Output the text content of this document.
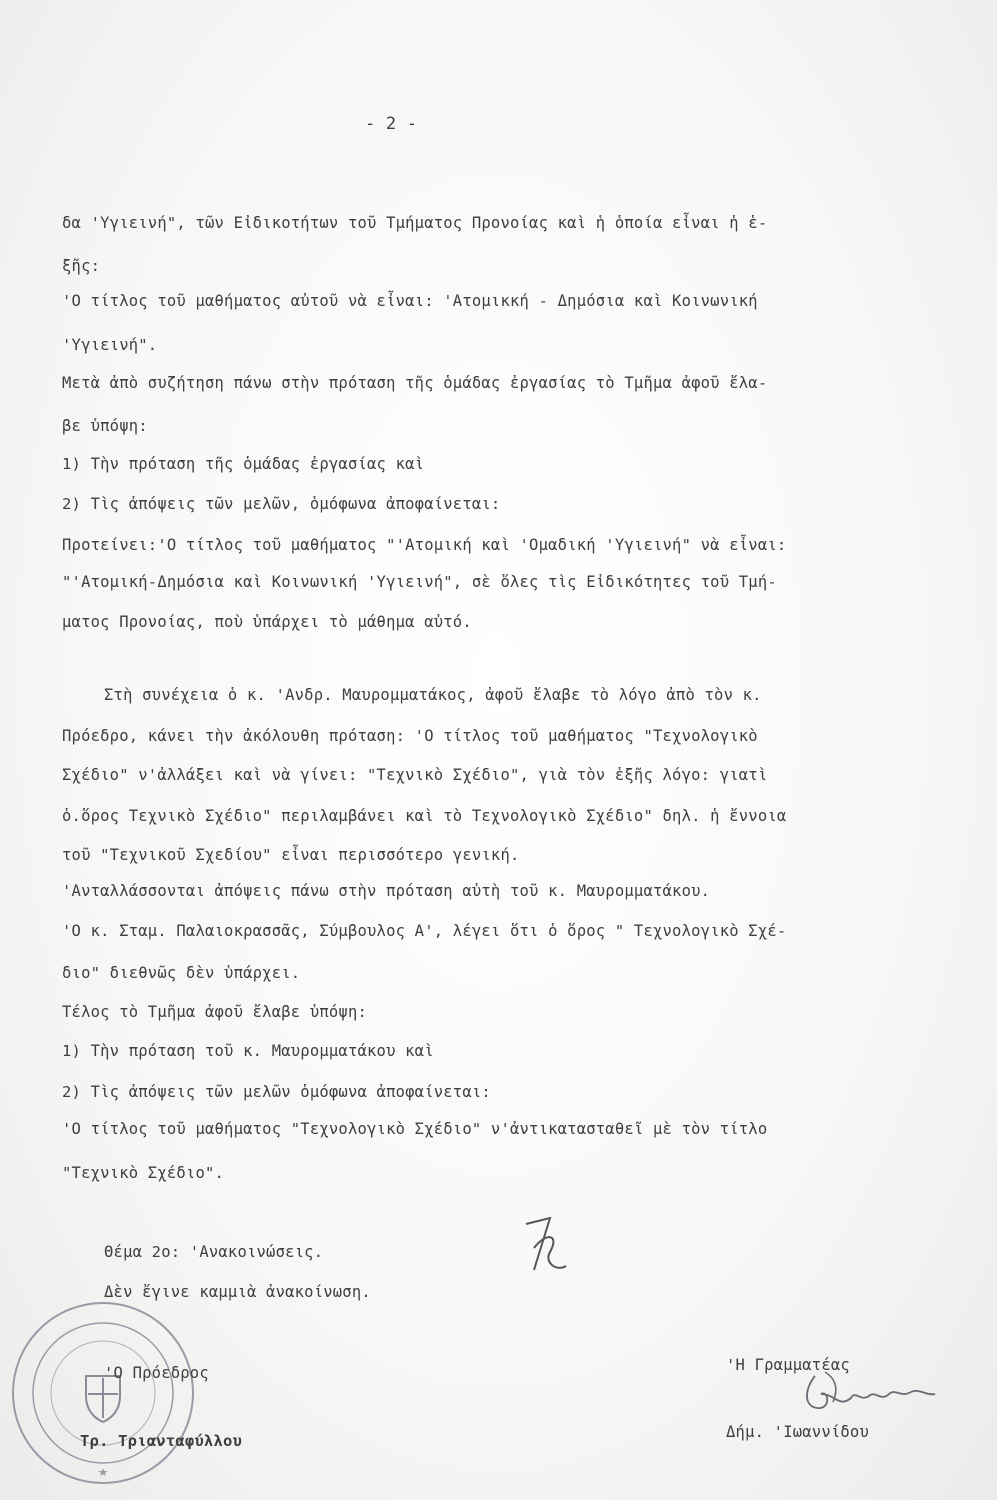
- 2 -
δα 'Υγιεινή", τῶν Εἰδικοτήτων τοῦ Τμήματος Προνοίας καὶ ἡ ὁποία εἶναι ἡ ἑ-
ξῆς:
'Ο τίτλος τοῦ μαθήματος αὐτοῦ νὰ εἶναι: 'Ατομικκή - Δημόσια καὶ Κοινωνική
'Υγιεινή".
Μετὰ ἀπὸ συζήτηση πάνω στὴν πρόταση τῆς ὁμάδας ἐργασίας τὸ Τμῆμα ἀφοῦ ἔλα-
βε ὑπόψη:
1) Τὴν πρόταση τῆς ὁμάδας ἐργασίας καὶ
2) Τὶς ἀπόψεις τῶν μελῶν, ὁμόφωνα ἀποφαίνεται:
Προτείνει:'Ο τίτλος τοῦ μαθήματος "'Ατομική καὶ 'Ομαδική 'Υγιεινή" νὰ εἶναι:
"'Ατομική-Δημόσια καὶ Κοινωνική 'Υγιεινή", σὲ ὅλες τὶς Εἰδικότητες τοῦ Τμή-
ματος Προνοίας, ποὺ ὑπάρχει τὸ μάθημα αὐτό.
Στὴ συνέχεια ὁ κ. 'Ανδρ. Μαυρομματάκος, ἀφοῦ ἔλαβε τὸ λόγο ἀπὸ τὸν κ.
Πρόεδρο, κάνει τὴν ἀκόλουθη πρόταση: 'Ο τίτλος τοῦ μαθήματος "Τεχνολογικὸ
Σχέδιο" ν'ἀλλάξει καὶ νὰ γίνει: "Τεχνικὸ Σχέδιο", γιὰ τὸν ἑξῆς λόγο: γιατὶ
ὁ.ὅρος Τεχνικὸ Σχέδιο" περιλαμβάνει καὶ τὸ Τεχνολογικὸ Σχέδιο" δηλ. ἡ ἔννοια
τοῦ "Τεχνικοῦ Σχεδίου" εἶναι περισσότερο γενική.
'Ανταλλάσσονται ἀπόψεις πάνω στὴν πρόταση αὐτὴ τοῦ κ. Μαυρομματάκου.
'Ο κ. Σταμ. Παλαιοκρασσᾶς, Σύμβουλος Α', λέγει ὅτι ὁ ὅρος " Τεχνολογικὸ Σχέ-
διο" διεθνῶς δὲν ὑπάρχει.
Τέλος τὸ Τμῆμα ἀφοῦ ἔλαβε ὑπόψη:
1) Τὴν πρόταση τοῦ κ. Μαυρομματάκου καὶ
2) Τὶς ἀπόψεις τῶν μελῶν ὁμόφωνα ἀποφαίνεται:
'Ο τίτλος τοῦ μαθήματος "Τεχνολογικὸ Σχέδιο" ν'ἀντικατασταθεῖ μὲ τὸν τίτλο
"Τεχνικὸ Σχέδιο".
Θέμα 2ο: 'Ανακοινώσεις.
Δὲν ἔγινε καμμιὰ ἀνακοίνωση.
'Ο Πρόεδρος
Τρ. Τριανταφύλλου
'Η Γραμματέας
Δήμ. 'Ιωαννίδου
